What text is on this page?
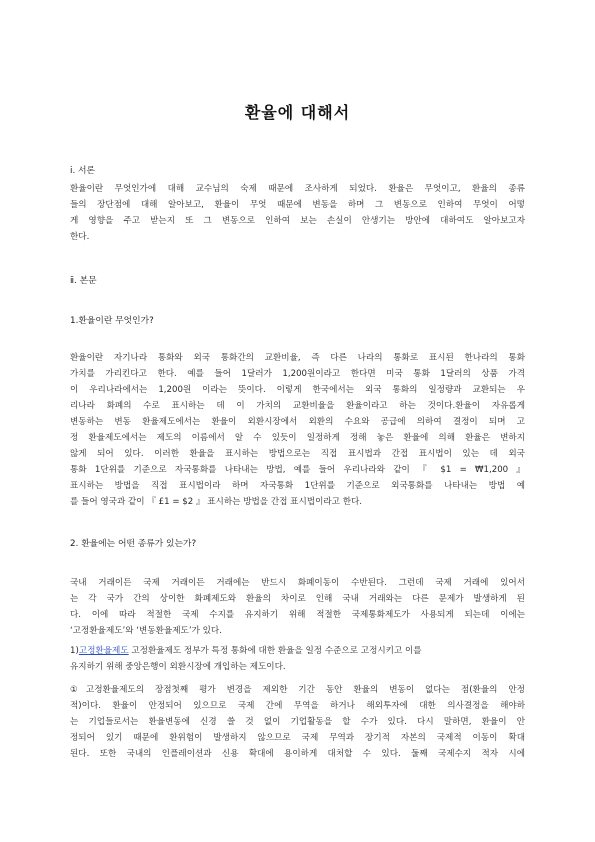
환율에 대해서
ⅰ. 서론
환율이란 무엇인가에 대해 교수님의 숙제 때문에 조사하게 되었다. 환율은 무엇이고, 환율의 종류
들의 장단점에 대해 알아보고, 환율이 무엇 때문에 변동을 하며 그 변동으로 인하여 무엇이 어떻
게 영향을 주고 받는지 또 그 변동으로 인하여 보는 손실이 안생기는 방안에 대하여도 알아보고자
한다.
ⅱ. 본문
1.환율이란 무엇인가?
환율이란 자기나라 통화와 외국 통화간의 교환비율, 즉 다른 나라의 통화로 표시된 한나라의 통화
가치를 가리킨다고 한다. 예를 들어 1달러가 1,200원이라고 한다면 미국 통화 1달러의 상품 가격
이 우리나라에서는 1,200원 이라는 뜻이다. 이렇게 한국에서는 외국 통화의 일정량과 교환되는 우
리나라 화폐의 수로 표시하는 데 이 가치의 교환비율을 환율이라고 하는 것이다.환율이 자유롭게
변동하는 변동 환율제도에서는 환율이 외환시장에서 외환의 수요와 공급에 의하여 결정이 되며 고
정 환율제도에서는 제도의 이름에서 알 수 있듯이 일정하게 정해 놓은 환율에 의해 환율은 변하지
않게 되어 있다. 이러한 환율을 표시하는 방법으로는 직접 표시법과 간접 표시법이 있는 데 외국
통화 1단위를 기준으로 자국통화를 나타내는 방법, 예를 들어 우리나라와 같이 『 $1 = ₩1,200 』
표시하는 방법을 직접 표시법이라 하며 자국통화 1단위를 기준으로 외국통화를 나타내는 방법 예
를 들어 영국과 같이 『 £1 = $2 』 표시하는 방법을 간접 표시법이라고 한다.
2. 환율에는 어떤 종류가 있는가?
국내 거래이든 국제 거래이든 거래에는 반드시 화폐이동이 수반된다. 그런데 국제 거래에 있어서
는 각 국가 간의 상이한 화폐제도와 환율의 차이로 인해 국내 거래와는 다른 문제가 발생하게 된
다. 이에 따라 적절한 국제 수지를 유지하기 위해 적절한 국제통화제도가 사용되게 되는데 이에는
‘고정환율제도’와 ‘변동환율제도’가 있다.
1)고정환율제도 고정환율제도 정부가 특정 통화에 대한 환율을 일정 수준으로 고정시키고 이를
유지하기 위해 중앙은행이 외환시장에 개입하는 제도이다.
①고정환율제도의 장점첫째 평가 변경을 제외한 기간 동안 환율의 변동이 없다는 점(환율의 안정
적)이다. 환율이 안정되어 있으므로 국제 간에 무역을 하거나 해외투자에 대한 의사결정을 해야하
는 기업들로서는 환율변동에 신경 쓸 것 없이 기업활동을 할 수가 있다. 다시 말하면, 환율이 안
정되어 있기 때문에 환위험이 발생하지 않으므로 국제 무역과 장기적 자본의 국제적 이동이 확대
된다. 또한 국내의 인플레이션과 신용 확대에 용이하게 대처할 수 있다. 둘째 국제수지 적자 시에
